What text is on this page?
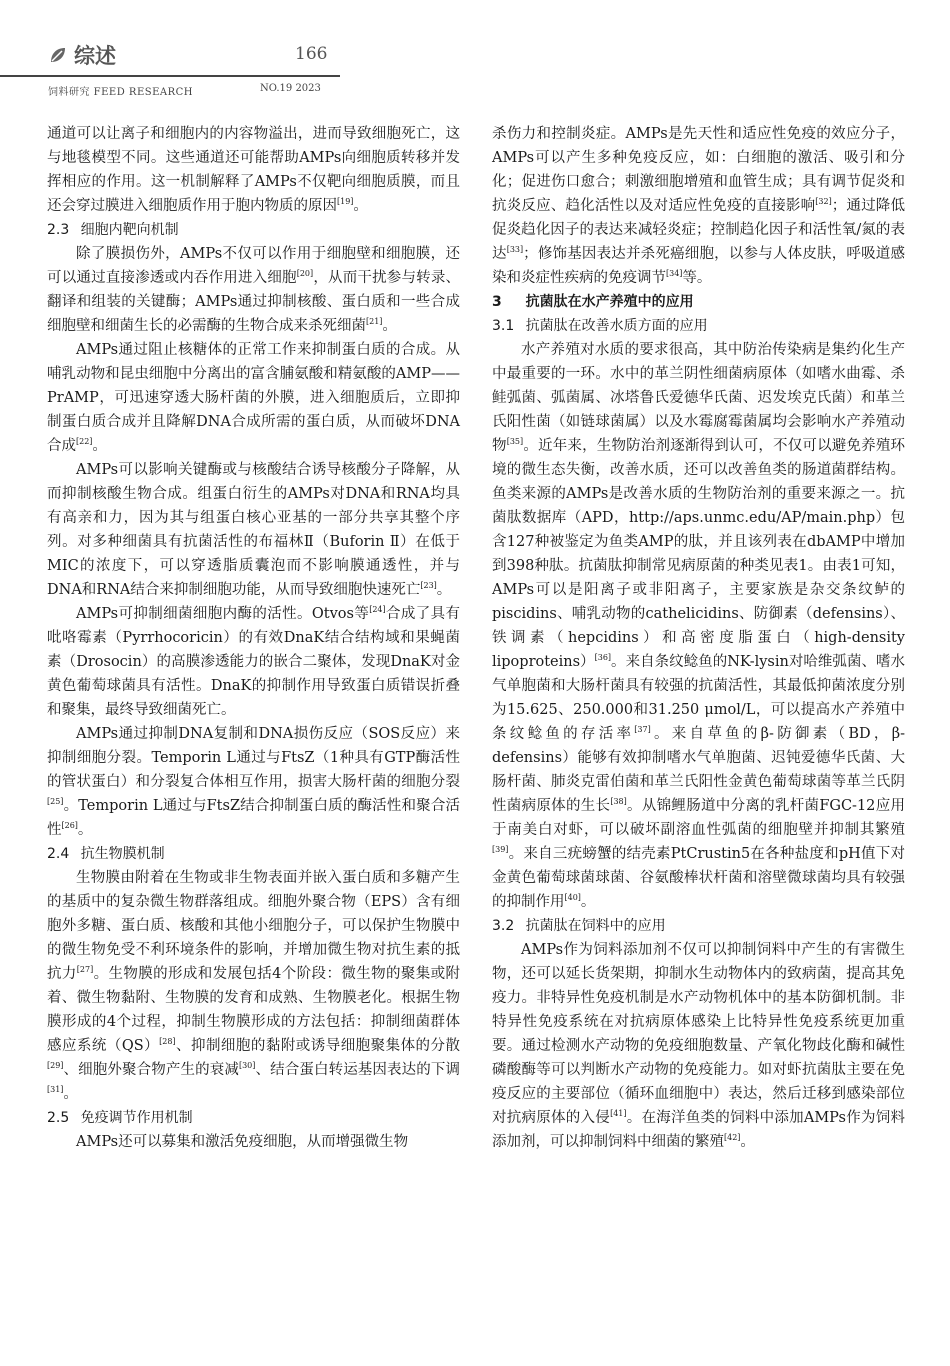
综述	166
饲料研究 FEED RESEARCH	NO.19 2023

通道可以让离子和细胞内的内容物溢出，进而导致细胞死亡，这与地毯模型不同。这些通道还可能帮助AMPs向细胞质转移并发挥相应的作用。这一机制解释了AMPs不仅靶向细胞质膜，而且还会穿过膜进入细胞质作用于胞内物质的原因[19]。

2.3 细胞内靶向机制

除了膜损伤外，AMPs不仅可以作用于细胞壁和细胞膜，还可以通过直接渗透或内吞作用进入细胞[20]，从而干扰参与转录、翻译和组装的关键酶；AMPs通过抑制核酸、蛋白质和一些合成细胞壁和细菌生长的必需酶的生物合成来杀死细菌[21]。

AMPs通过阻止核糖体的正常工作来抑制蛋白质的合成。从哺乳动物和昆虫细胞中分离出的富含脯氨酸和精氨酸的AMP——PrAMP，可迅速穿透大肠杆菌的外膜，进入细胞质后，立即抑制蛋白质合成并且降解DNA合成所需的蛋白质，从而破坏DNA合成[22]。

AMPs可以影响关键酶或与核酸结合诱导核酸分子降解，从而抑制核酸生物合成。组蛋白衍生的AMPs对DNA和RNA均具有高亲和力，因为其与组蛋白核心亚基的一部分共享其整个序列。对多种细菌具有抗菌活性的布福林Ⅱ（Buforin Ⅱ）在低于MIC的浓度下，可以穿透脂质囊泡而不影响膜通透性，并与DNA和RNA结合来抑制细胞功能，从而导致细胞快速死亡[23]。

AMPs可抑制细菌细胞内酶的活性。Otvos等[24]合成了具有吡咯霉素（Pyrrhocoricin）的有效DnaK结合结构域和果蝇菌素（Drosocin）的高膜渗透能力的嵌合二聚体，发现DnaK对金黄色葡萄球菌具有活性。DnaK的抑制作用导致蛋白质错误折叠和聚集，最终导致细菌死亡。

AMPs通过抑制DNA复制和DNA损伤反应（SOS反应）来抑制细胞分裂。Temporin L通过与FtsZ（1种具有GTP酶活性的管状蛋白）和分裂复合体相互作用，损害大肠杆菌的细胞分裂[25]。Temporin L通过与FtsZ结合抑制蛋白质的酶活性和聚合活性[26]。

2.4 抗生物膜机制

生物膜由附着在生物或非生物表面并嵌入蛋白质和多糖产生的基质中的复杂微生物群落组成。细胞外聚合物（EPS）含有细胞外多糖、蛋白质、核酸和其他小细胞分子，可以保护生物膜中的微生物免受不利环境条件的影响，并增加微生物对抗生素的抵抗力[27]。生物膜的形成和发展包括4个阶段：微生物的聚集或附着、微生物黏附、生物膜的发育和成熟、生物膜老化。根据生物膜形成的4个过程，抑制生物膜形成的方法包括：抑制细菌群体感应系统（QS）[28]、抑制细胞的黏附或诱导细胞聚集体的分散[29]、细胞外聚合物产生的衰减[30]、结合蛋白转运基因表达的下调[31]。

2.5 免疫调节作用机制

AMPs还可以募集和激活免疫细胞，从而增强微生物

杀伤力和控制炎症。AMPs是先天性和适应性免疫的效应分子，AMPs可以产生多种免疫反应，如：白细胞的激活、吸引和分化；促进伤口愈合；刺激细胞增殖和血管生成；具有调节促炎和抗炎反应、趋化活性以及对适应性免疫的直接影响[32]；通过降低促炎趋化因子的表达来减轻炎症；控制趋化因子和活性氧/氮的表达[33]；修饰基因表达并杀死癌细胞，以参与人体皮肤，呼吸道感染和炎症性疾病的免疫调节[34]等。

3 抗菌肽在水产养殖中的应用

3.1 抗菌肽在改善水质方面的应用

水产养殖对水质的要求很高，其中防治传染病是集约化生产中最重要的一环。水中的革兰阴性细菌病原体（如嗜水曲霉、杀鲑弧菌、弧菌属、冰塔鲁氏爱德华氏菌、迟发埃克氏菌）和革兰氏阳性菌（如链球菌属）以及水霉腐霉菌属均会影响水产养殖动物[35]。近年来，生物防治剂逐渐得到认可，不仅可以避免养殖环境的微生态失衡，改善水质，还可以改善鱼类的肠道菌群结构。鱼类来源的AMPs是改善水质的生物防治剂的重要来源之一。抗菌肽数据库（APD，http://aps.unmc.edu/AP/main.php）包含127种被鉴定为鱼类AMP的肽，并且该列表在dbAMP中增加到398种肽。抗菌肽抑制常见病原菌的种类见表1。由表1可知，AMPs可以是阳离子或非阳离子，主要家族是杂交条纹鲈的piscidins、哺乳动物的cathelicidins、防御素（defensins）、铁调素（hepcidins）和高密度脂蛋白（high-density lipoproteins）[36]。来自条纹鲶鱼的NK-lysin对哈维弧菌、嗜水气单胞菌和大肠杆菌具有较强的抗菌活性，其最低抑菌浓度分别为15.625、250.000和31.250 μmol/L，可以提高水产养殖中条纹鲶鱼的存活率[37]。来自草鱼的β-防御素（BD，β-defensins）能够有效抑制嗜水气单胞菌、迟钝爱德华氏菌、大肠杆菌、肺炎克雷伯菌和革兰氏阳性金黄色葡萄球菌等革兰氏阴性菌病原体的生长[38]。从锦鲤肠道中分离的乳杆菌FGC-12应用于南美白对虾，可以破坏副溶血性弧菌的细胞壁并抑制其繁殖[39]。来自三疣螃蟹的结壳素PtCrustin5在各种盐度和pH值下对金黄色葡萄球菌球菌、谷氨酸棒状杆菌和溶壁微球菌均具有较强的抑制作用[40]。

3.2 抗菌肽在饲料中的应用

AMPs作为饲料添加剂不仅可以抑制饲料中产生的有害微生物，还可以延长货架期，抑制水生动物体内的致病菌，提高其免疫力。非特异性免疫机制是水产动物机体中的基本防御机制。非特异性免疫系统在对抗病原体感染上比特异性免疫系统更加重要。通过检测水产动物的免疫细胞数量、产氧化物歧化酶和碱性磷酸酶等可以判断水产动物的免疫能力。如对虾抗菌肽主要在免疫反应的主要部位（循环血细胞中）表达，然后迁移到感染部位对抗病原体的入侵[41]。在海洋鱼类的饲料中添加AMPs作为饲料添加剂，可以抑制饲料中细菌的繁殖[42]。
